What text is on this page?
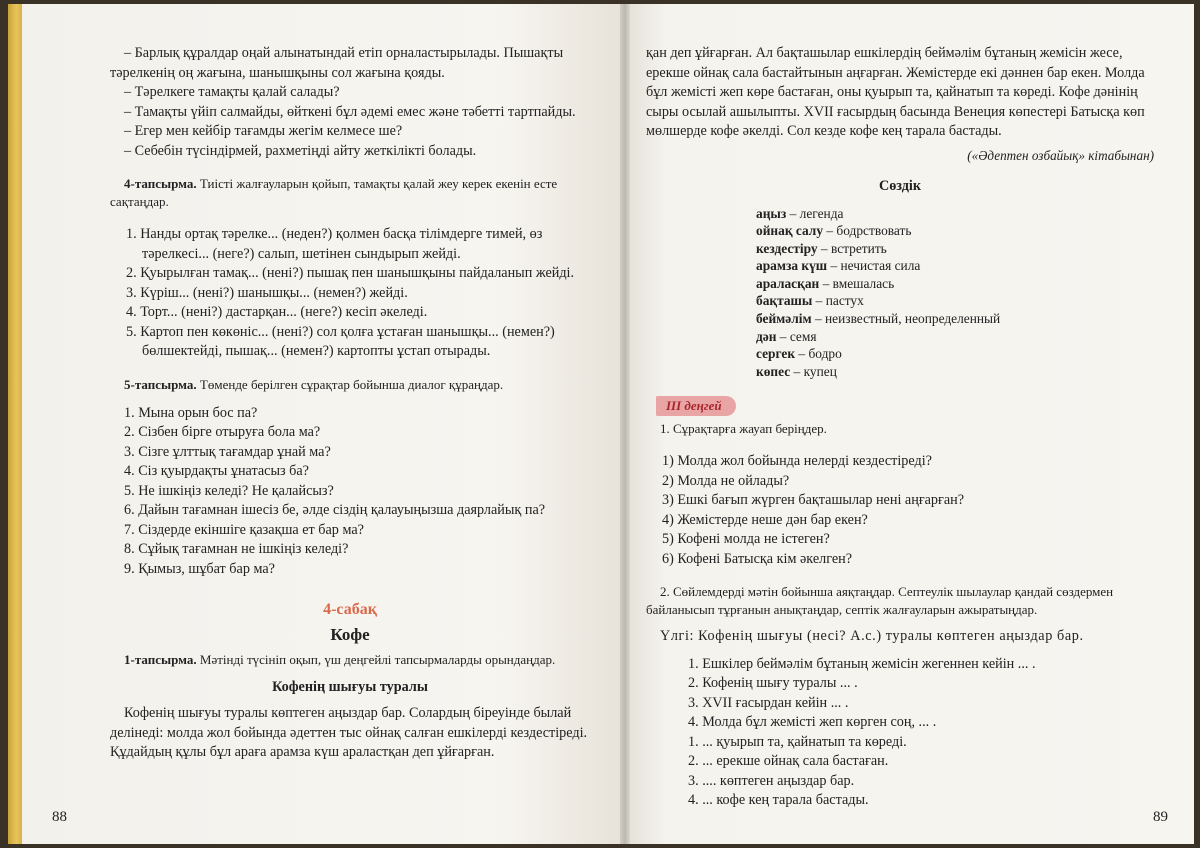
– Барлық құралдар оңай алынатындай етіп орналастырылады. Пышақты тәрелкенің оң жағына, шанышқыны сол жағына қояды.

– Тәрелкеге тамақты қалай салады?

– Тамақты үйіп салмайды, өйткені бұл әдемі емес және тәбетті тартпайды.

– Егер мен кейбір тағамды жегім келмесе ше?

– Себебін түсіндірмей, рахметіңді айту жеткілікті болады.

4-тапсырма. Тиісті жалғауларын қойып, тамақты қалай жеу керек екенін есте сақтаңдар.

1. Нанды ортақ тәрелке... (неден?) қолмен басқа тілімдерге тимей, өз тәрелкесі... (негe?) салып, шетінен сындырып жейді.
2. Қуырылған тамақ... (нені?) пышақ пен шанышқыны пайдаланып жейді.
3. Күріш... (нені?) шанышқы... (немен?) жейді.
4. Торт... (нені?) дастарқан... (негe?) кесіп әкеледі.
5. Картоп пен көкөніс... (нені?) сол қолға ұстаған шанышқы... (немен?) бөлшектейді, пышақ... (немен?) картопты ұстап отырады.

5-тапсырма. Төменде берілген сұрақтар бойынша диалог құраңдар.

1. Мына орын бос па?
2. Сізбен бірге отыруға бола ма?
3. Сізге ұлттық тағамдар ұнай ма?
4. Сіз қуырдақты ұнатасыз ба?
5. Не ішкіңіз келеді? Не қалайсыз?
6. Дайын тағамнан ішесіз бе, әлде сіздің қалауыңызша даярлайық па?
7. Сіздерде екіншіге қазақша ет бар ма?
8. Сұйық тағамнан не ішкіңіз келеді?
9. Қымыз, шұбат бар ма?
4-сабақ
Кофе

1-тапсырма. Мәтінді түсініп оқып, үш деңгейлі тапсырмаларды орындаңдар.

Кофенің шығуы туралы

Кофенің шығуы туралы көптеген аңыздар бар. Солардың біреуінде былай делінеді: молда жол бойында әдеттен тыс ойнақ салған ешкілерді кездестіреді. Құдайдың құлы бұл араға арамза күш араластқан деп ұйғарған.

88

қан деп ұйғарған. Ал бақташылар ешкілердің беймәлім бұтаның жемісін жесе, ерекше ойнақ сала бастайтынын аңғарған. Жемістерде екі дәннен бар екен. Молда бұл жемісті жеп көре бастаған, оны қуырып та, қайнатып та көреді. Кофе дәнінің сыры осылай ашылыпты. XVII ғасырдың басында Венеция көпестері Батысқа көп мөлшерде кофе әкелді. Сол кезде кофе кең тарала бастады.

(«Әдептен озбайық» кітабынан)
Сөздік
аңыз – легенда
ойнақ салу – бодрствовать
кездестіру – встретить
арамза күш – нечистая сила
араласқан – вмешалась
бақташы – пастух
беймәлім – неизвестный, неопределенный
дән – семя
сергек – бодро
көпес – купец
III деңгей

1. Сұрақтарға жауап беріңдер.

1) Молда жол бойында нелерді кездестіреді?
2) Молда не ойлады?
3) Ешкі бағып жүрген бақташылар нені аңғарған?
4) Жемістерде неше дән бар екен?
5) Кофені молда не істеген?
6) Кофені Батысқа кім әкелген?

2. Сөйлемдерді мәтін бойынша аяқтаңдар. Септеулік шылаулар қандай сөздермен байланысып тұрғанын анықтаңдар, септік жалғауларын ажыратыңдар.

Үлгі: Кофенің шығуы (несі? А.с.) туралы көптеген аңыздар бар.

1. Ешкілер беймәлім бұтаның жемісін жегеннен кейін ... .
2. Кофенің шығу туралы ... .
3. XVII ғасырдан кейін ... .
4. Молда бұл жемісті жеп көрген соң, ... .
1. ... қуырып та, қайнатып та көреді.
2. ... ерекше ойнақ сала бастаған.
3. .... көптеген аңыздар бар.
4. ... кофе кең тарала бастады.
89
